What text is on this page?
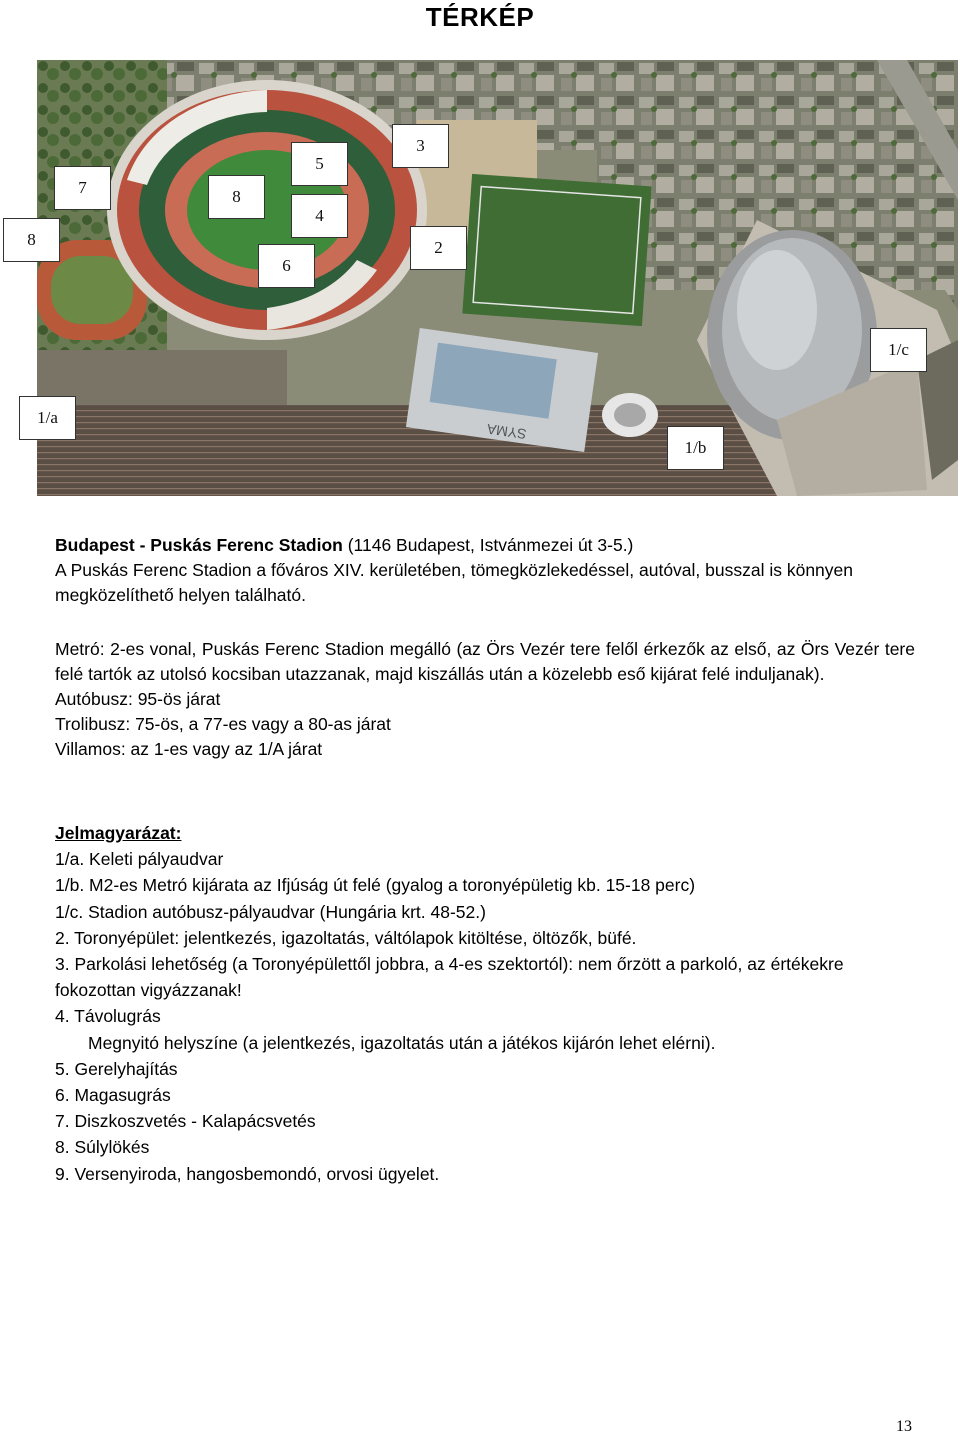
TÉRKÉP
SYMA
8
7	8
5
4
6
3
2
1/c
1/a
1/b

Budapest - Puskás Ferenc Stadion (1146 Budapest, Istvánmezei út 3-5.)

A Puskás Ferenc Stadion a főváros XIV. kerületében, tömegközlekedéssel, autóval, busszal is könnyen

megközelíthető helyen található.

Metró: 2-es vonal, Puskás Ferenc Stadion megálló (az Örs Vezér tere felől érkezők az első, az Örs Vezér tere felé tartók az utolsó kocsiban utazzanak, majd kiszállás után a közelebb eső kijárat felé induljanak).

Autóbusz: 95-ös járat

Trolibusz: 75-ös, a 77-es vagy a 80-as járat

Villamos: az 1-es vagy az 1/A járat

Jelmagyarázat:

1/a. Keleti pályaudvar

1/b. M2-es Metró kijárata az Ifjúság út felé (gyalog a toronyépületig kb. 15-18 perc)

1/c. Stadion autóbusz-pályaudvar (Hungária krt. 48-52.)

2. Toronyépület: jelentkezés, igazoltatás, váltólapok kitöltése, öltözők, büfé.

3. Parkolási lehetőség (a Toronyépülettől jobbra, a 4-es szektortól): nem őrzött a parkoló, az értékekre fokozottan vigyázzanak!

4. Távolugrás

Megnyitó helyszíne (a jelentkezés, igazoltatás után a játékos kijárón lehet elérni).

5. Gerelyhajítás

6. Magasugrás

7. Diszkoszvetés - Kalapácsvetés

8. Súlylökés

9. Versenyiroda, hangosbemondó, orvosi ügyelet.

13
